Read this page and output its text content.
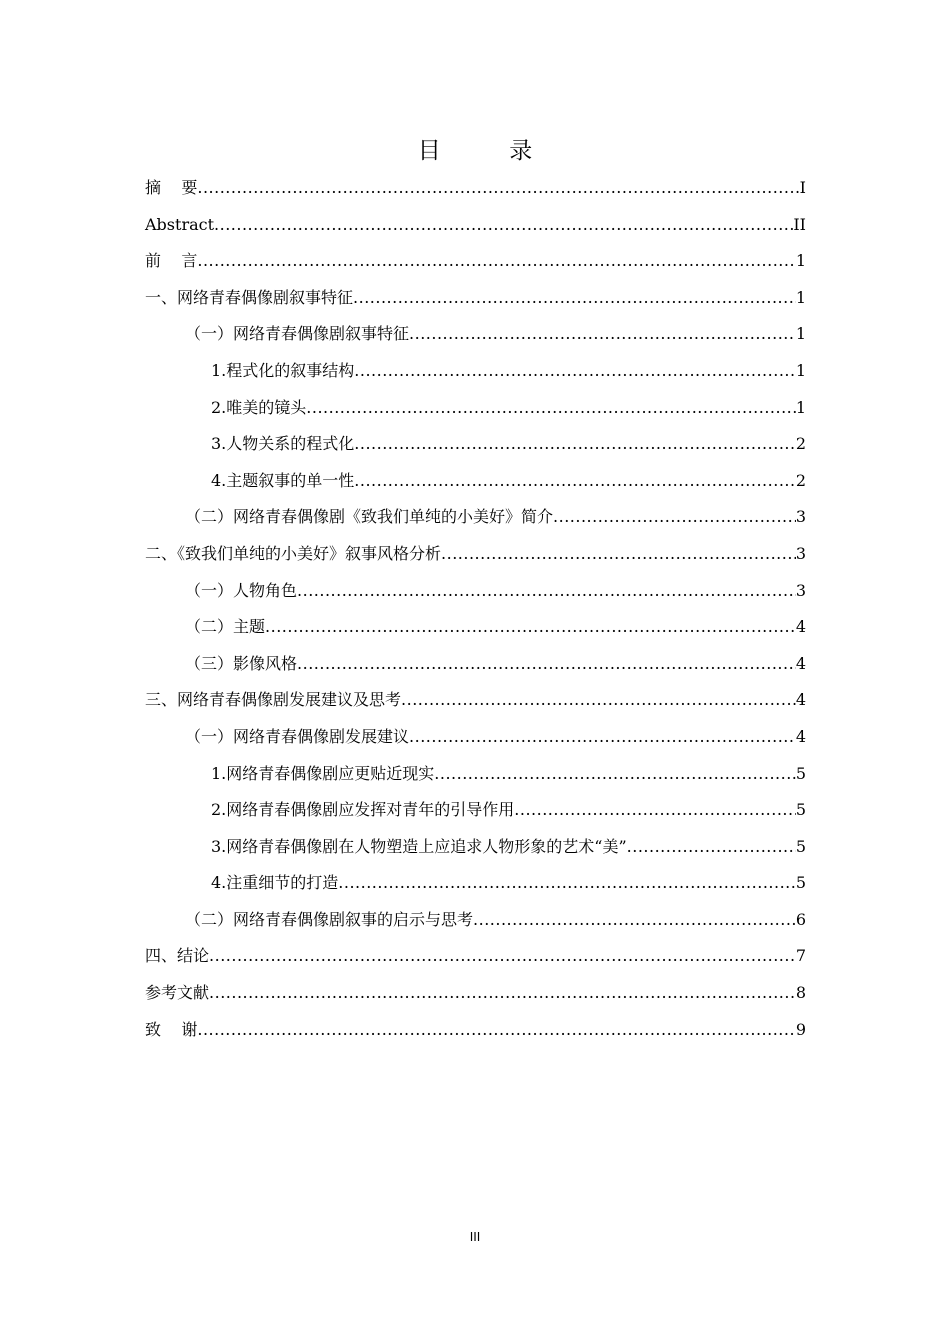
目  录
摘    要 .....	I
Abstract .....	II
前    言 .....	1
一、网络青春偶像剧叙事特征 .....	1
（一）网络青春偶像剧叙事特征 .....	1
1.程式化的叙事结构 .....	1
2.唯美的镜头 .....	1
3.人物关系的程式化 .....	2
4.主题叙事的单一性 .....	2
（二）网络青春偶像剧《致我们单纯的小美好》简介 .....	3
二、《致我们单纯的小美好》叙事风格分析 .....	3
（一）人物角色 .....	3
（二）主题 .....	4
（三）影像风格 .....	4
三、网络青春偶像剧发展建议及思考 .....	4
（一）网络青春偶像剧发展建议 .....	4
1.网络青春偶像剧应更贴近现实 .....	5
2.网络青春偶像剧应发挥对青年的引导作用 .....	5
3.网络青春偶像剧在人物塑造上应追求人物形象的艺术“美” .....	5
4.注重细节的打造 .....	5
（二）网络青春偶像剧叙事的启示与思考 .....	6
四、结论 .....	7
参考文献 .....	8
致    谢 .....	9
III
